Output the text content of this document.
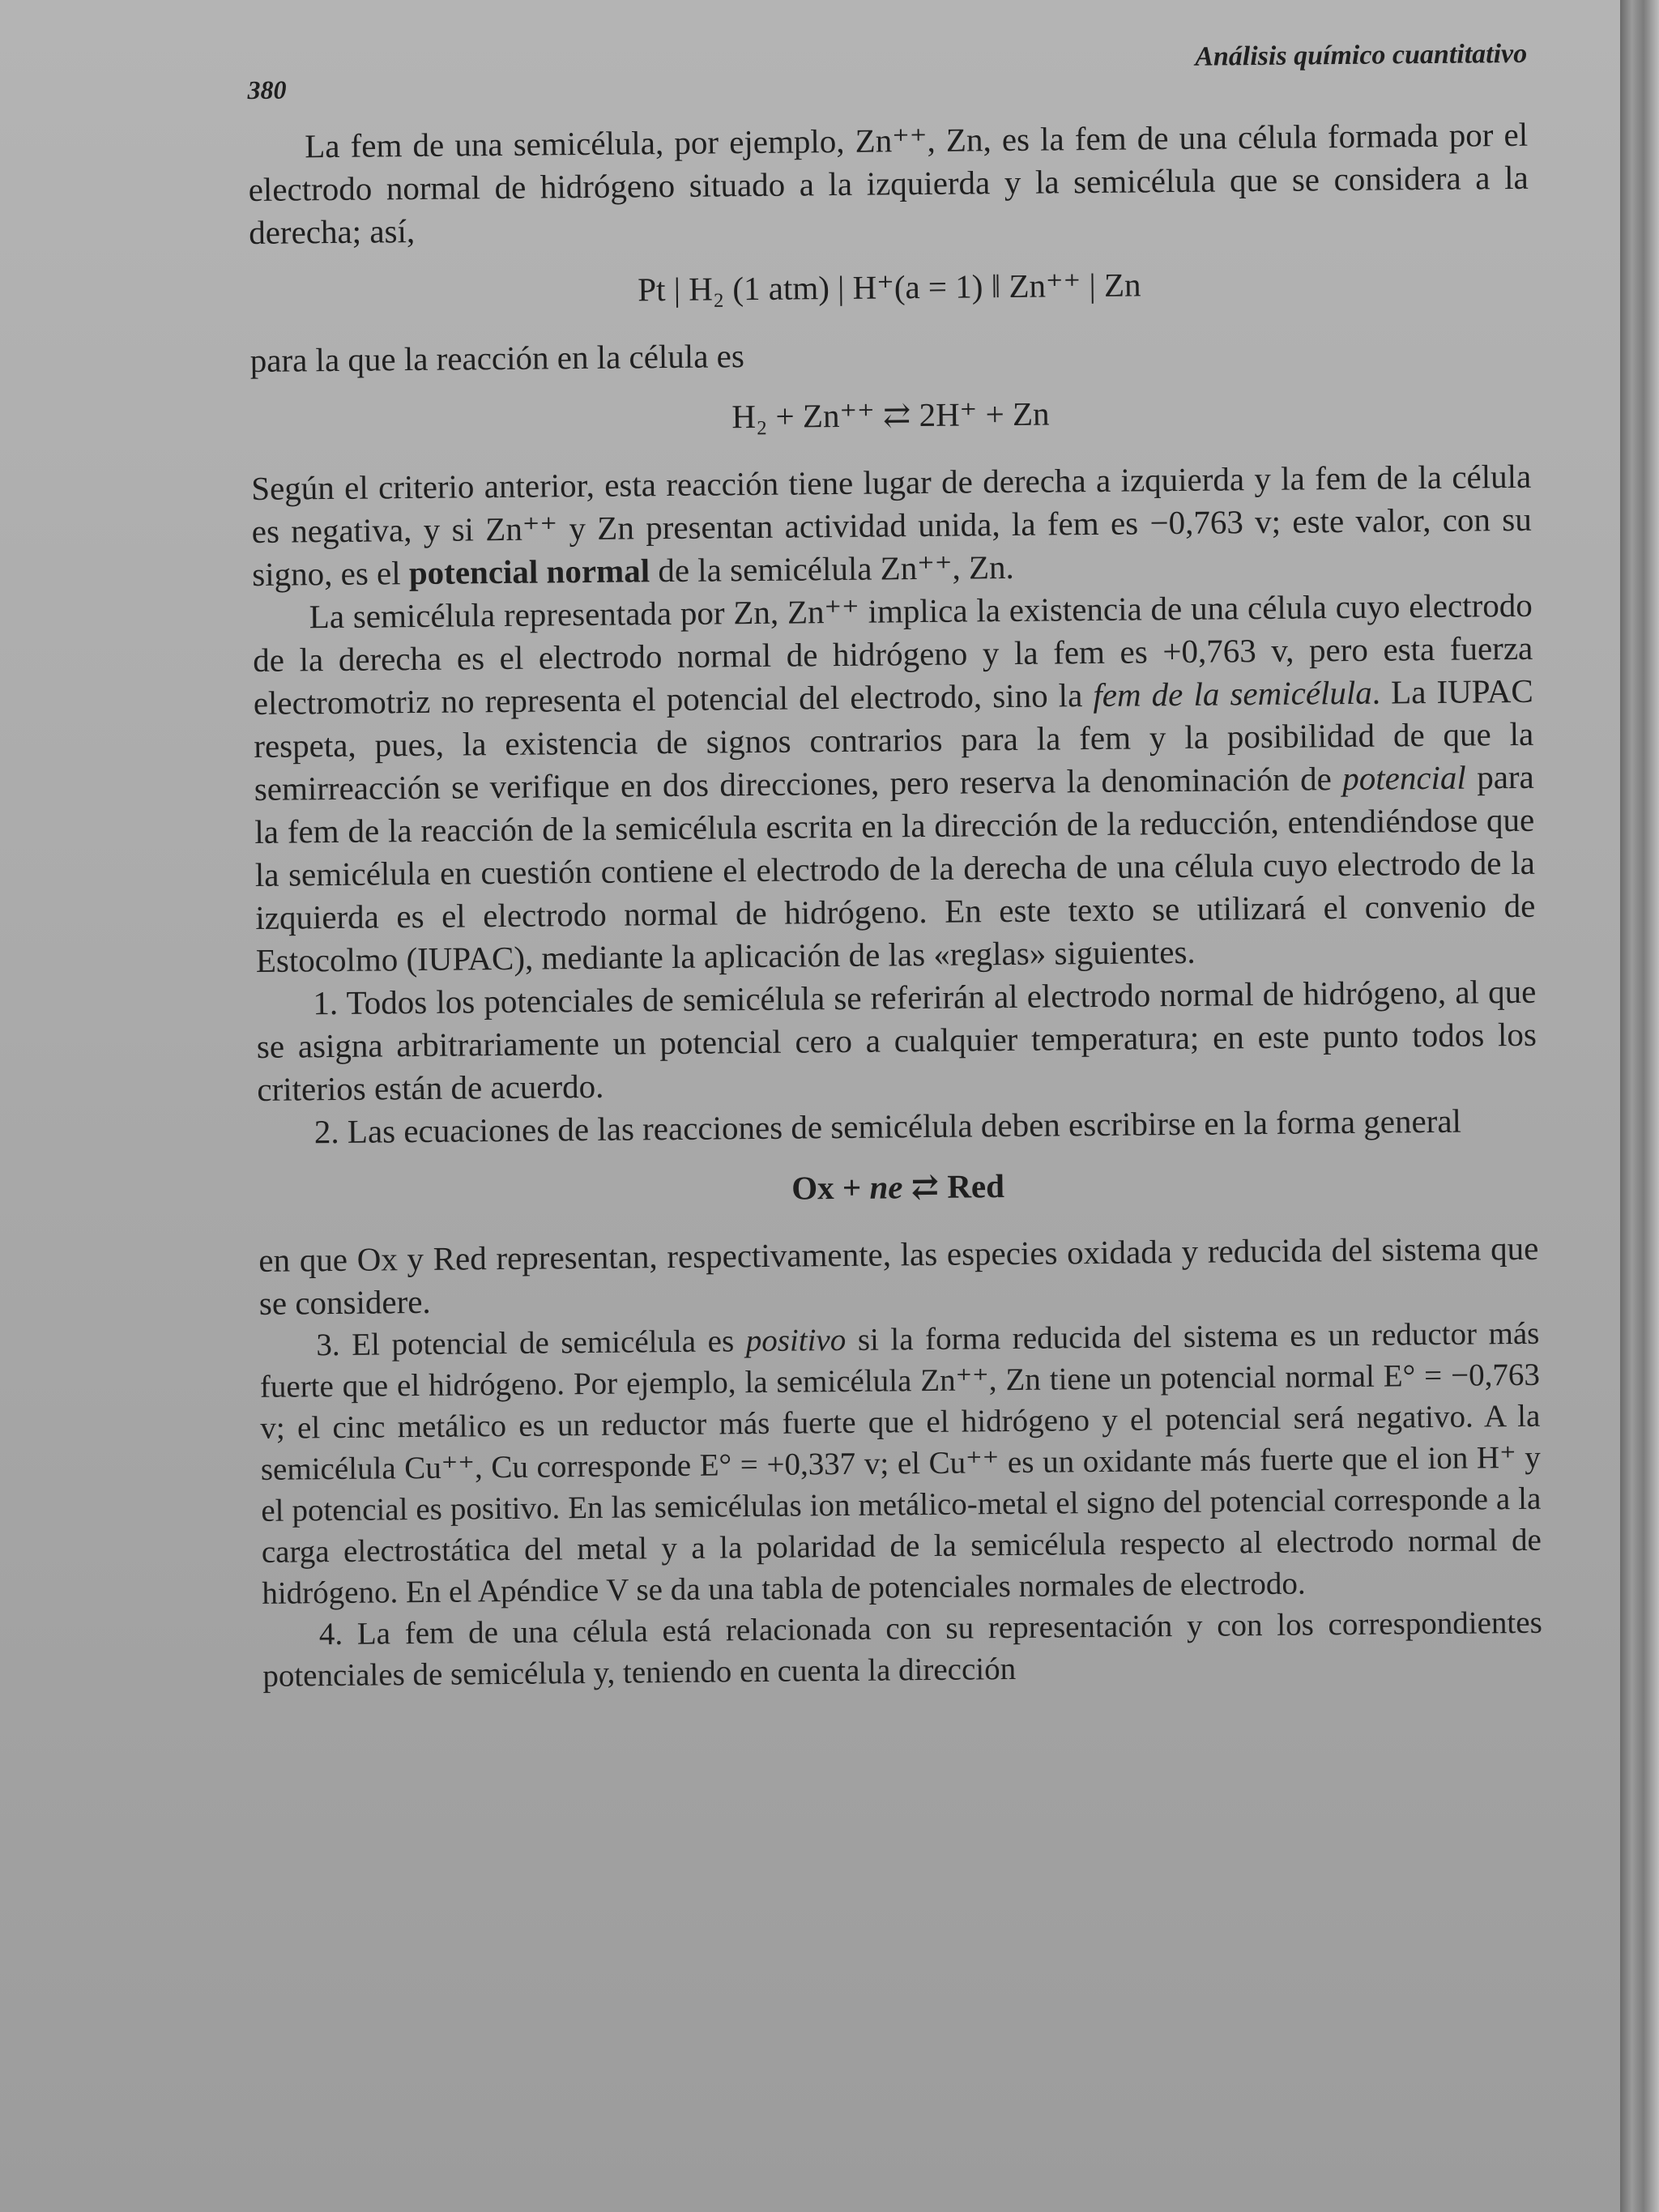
380
Análisis químico cuantitativo

La fem de una semicélula, por ejemplo, Zn⁺⁺, Zn, es la fem de una célula formada por el electrodo normal de hidrógeno situado a la izquierda y la semicélula que se considera a la derecha; así,

Pt | H₂ (1 atm) | H⁺(a = 1) ‖ Zn⁺⁺ | Zn

para la que la reacción en la célula es

H₂ + Zn⁺⁺ ⇄ 2H⁺ + Zn

Según el criterio anterior, esta reacción tiene lugar de derecha a izquierda y la fem de la célula es negativa, y si Zn⁺⁺ y Zn presentan actividad unida, la fem es −0,763 v; este valor, con su signo, es el potencial normal de la semicélula Zn⁺⁺, Zn.

La semicélula representada por Zn, Zn⁺⁺ implica la existencia de una célula cuyo electrodo de la derecha es el electrodo normal de hidrógeno y la fem es +0,763 v, pero esta fuerza electromotriz no representa el potencial del electrodo, sino la fem de la semicélula. La IUPAC respeta, pues, la existencia de signos contrarios para la fem y la posibilidad de que la semirreacción se verifique en dos direcciones, pero reserva la denominación de potencial para la fem de la reacción de la semicélula escrita en la dirección de la reducción, entendiéndose que la semicélula en cuestión contiene el electrodo de la derecha de una célula cuyo electrodo de la izquierda es el electrodo normal de hidrógeno. En este texto se utilizará el convenio de Estocolmo (IUPAC), mediante la aplicación de las «reglas» siguientes.

1. Todos los potenciales de semicélula se referirán al electrodo normal de hidrógeno, al que se asigna arbitrariamente un potencial cero a cualquier temperatura; en este punto todos los criterios están de acuerdo.

2. Las ecuaciones de las reacciones de semicélula deben escribirse en la forma general

Ox + ne ⇄ Red

en que Ox y Red representan, respectivamente, las especies oxidada y reducida del sistema que se considere.

3. El potencial de semicélula es positivo si la forma reducida del sistema es un reductor más fuerte que el hidrógeno. Por ejemplo, la semicélula Zn⁺⁺, Zn tiene un potencial normal E° = −0,763 v; el cinc metálico es un reductor más fuerte que el hidrógeno y el potencial será negativo. A la semicélula Cu⁺⁺, Cu corresponde E° = +0,337 v; el Cu⁺⁺ es un oxidante más fuerte que el ion H⁺ y el potencial es positivo. En las semicélulas ion metálico-metal el signo del potencial corresponde a la carga electrostática del metal y a la polaridad de la semicélula respecto al electrodo normal de hidrógeno. En el Apéndice V se da una tabla de potenciales normales de electrodo.

4. La fem de una célula está relacionada con su representación y con los correspondientes potenciales de semicélula y, teniendo en cuenta la dirección
